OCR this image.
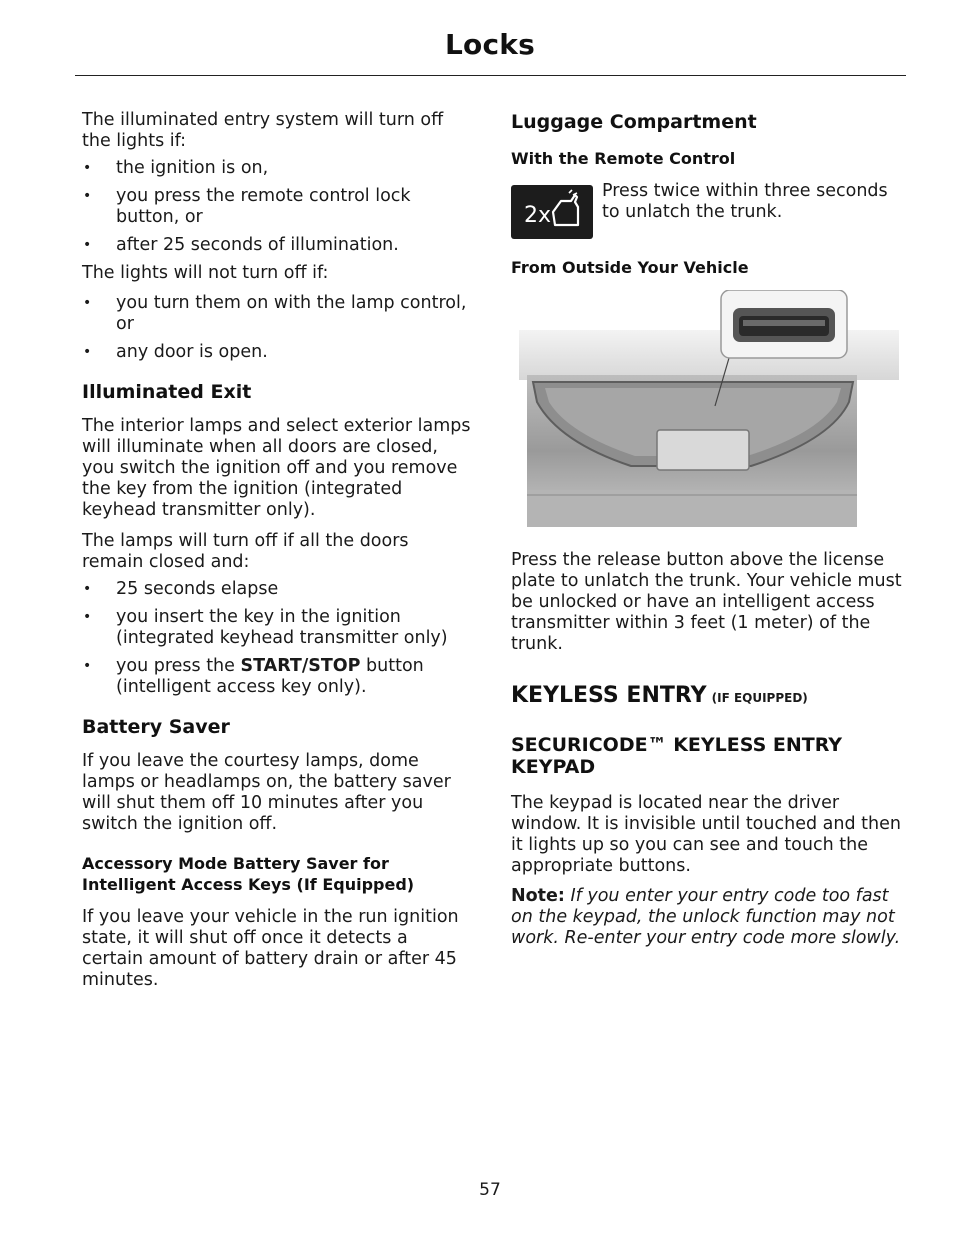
Locks

The illuminated entry system will turn off the lights if:

• the ignition is on,
• you press the remote control lock button, or
• after 25 seconds of illumination.

The lights will not turn off if:

• you turn them on with the lamp control, or
• any door is open.
Illuminated Exit

The interior lamps and select exterior lamps will illuminate when all doors are closed, you switch the ignition off and you remove the key from the ignition (integrated keyhead transmitter only).

The lamps will turn off if all the doors remain closed and:

• 25 seconds elapse
• you insert the key in the ignition (integrated keyhead transmitter only)
• you press the START/STOP button (intelligent access key only).
Battery Saver

If you leave the courtesy lamps, dome lamps or headlamps on, the battery saver will shut them off 10 minutes after you switch the ignition off.

Accessory Mode Battery Saver for Intelligent Access Keys (If Equipped)

If you leave your vehicle in the run ignition state, it will shut off once it detects a certain amount of battery drain or after 45 minutes.

Luggage Compartment
With the Remote Control
2x

Press twice within three seconds to unlatch the trunk.

From Outside Your Vehicle

Press the release button above the license plate to unlatch the trunk. Your vehicle must be unlocked or have an intelligent access transmitter within 3 feet (1 meter) of the trunk.

KEYLESS ENTRY (IF EQUIPPED)
SECURICODE™ KEYLESS ENTRY KEYPAD

The keypad is located near the driver window. It is invisible until touched and then it lights up so you can see and touch the appropriate buttons.

Note: If you enter your entry code too fast on the keypad, the unlock function may not work. Re-enter your entry code more slowly.

57
